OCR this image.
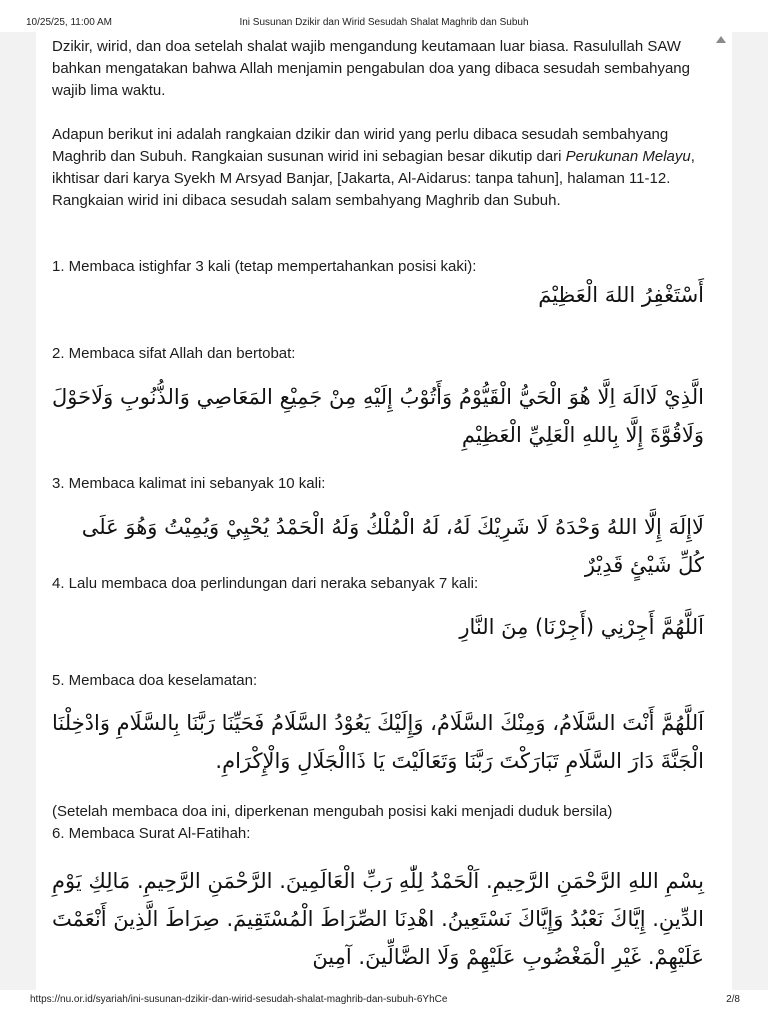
10/25/25, 11:00 AM	Ini Susunan Dzikir dan Wirid Sesudah Shalat Maghrib dan Subuh

Dzikir, wirid, dan doa setelah shalat wajib mengandung keutamaan luar biasa. Rasulullah SAW bahkan mengatakan bahwa Allah menjamin pengabulan doa yang dibaca sesudah sembahyang wajib lima waktu.

Adapun berikut ini adalah rangkaian dzikir dan wirid yang perlu dibaca sesudah sembahyang Maghrib dan Subuh. Rangkaian susunan wirid ini sebagian besar dikutip dari Perukunan Melayu, ikhtisar dari karya Syekh M Arsyad Banjar, [Jakarta, Al-Aidarus: tanpa tahun], halaman 11-12. Rangkaian wirid ini dibaca sesudah salam sembahyang Maghrib dan Subuh.

1. Membaca istighfar 3 kali (tetap mempertahankan posisi kaki):
أَسْتَغْفِرُ اللهَ الْعَظِيْمَ
2. Membaca sifat Allah dan bertobat:
الَّذِيْ لَاالَهَ اِلَّا هُوَ الْحَيُّ الْقَيُّوْمُ وَأَتُوْبُ إِلَيْهِ مِنْ جَمِيْعِ المَعَاصِي وَالذُّنُوبِ وَلَاحَوْلَ وَلَاقُوَّةَ إِلَّا بِاللهِ الْعَلِيِّ الْعَظِيْمِ
3. Membaca kalimat ini sebanyak 10 kali:
لَاإِلَهَ إِلَّا اللهُ وَحْدَهُ لَا شَرِيْكَ لَهُ، لَهُ الْمُلْكُ وَلَهُ الْحَمْدُ يُحْيِيْ وَيُمِيْتُ وَهُوَ عَلَى كُلِّ شَيْئٍ قَدِيْرٌ
4. Lalu membaca doa perlindungan dari neraka sebanyak 7 kali:
اَللَّهُمَّ أَجِرْنِي (أَجِرْنَا) مِنَ النَّارِ
5. Membaca doa keselamatan:
اَللَّهُمَّ أَنْتَ السَّلَامُ، وَمِنْكَ السَّلَامُ، وَإِلَيْكَ يَعُوْدُ السَّلَامُ فَحَيِّنَا رَبَّنَا بِالسَّلَامِ وَادْخِلْنَا الْجَنَّةَ دَارَ السَّلَامِ تَبَارَكْتَ رَبَّنَا وَتَعَالَيْتَ يَا ذَاالْجَلَالِ وَالْإِكْرَامِ.
(Setelah membaca doa ini, diperkenan mengubah posisi kaki menjadi duduk bersila)
6. Membaca Surat Al-Fatihah:
بِسْمِ اللهِ الرَّحْمَنِ الرَّحِيمِ. اَلْحَمْدُ لِلّٰهِ رَبِّ الْعَالَمِينَ. الرَّحْمَنِ الرَّحِيمِ. مَالِكِ يَوْمِ الدِّينِ. إِيَّاكَ نَعْبُدُ وَإِيَّاكَ نَسْتَعِينُ. اهْدِنَا الصِّرَاطَ الْمُسْتَقِيمَ. صِرَاطَ الَّذِينَ أَنْعَمْتَ عَلَيْهِمْ. غَيْرِ الْمَغْضُوبِ عَلَيْهِمْ وَلَا الضَّالِّينَ. آمِينَ
https://nu.or.id/syariah/ini-susunan-dzikir-dan-wirid-sesudah-shalat-maghrib-dan-subuh-6YhCe	2/8
